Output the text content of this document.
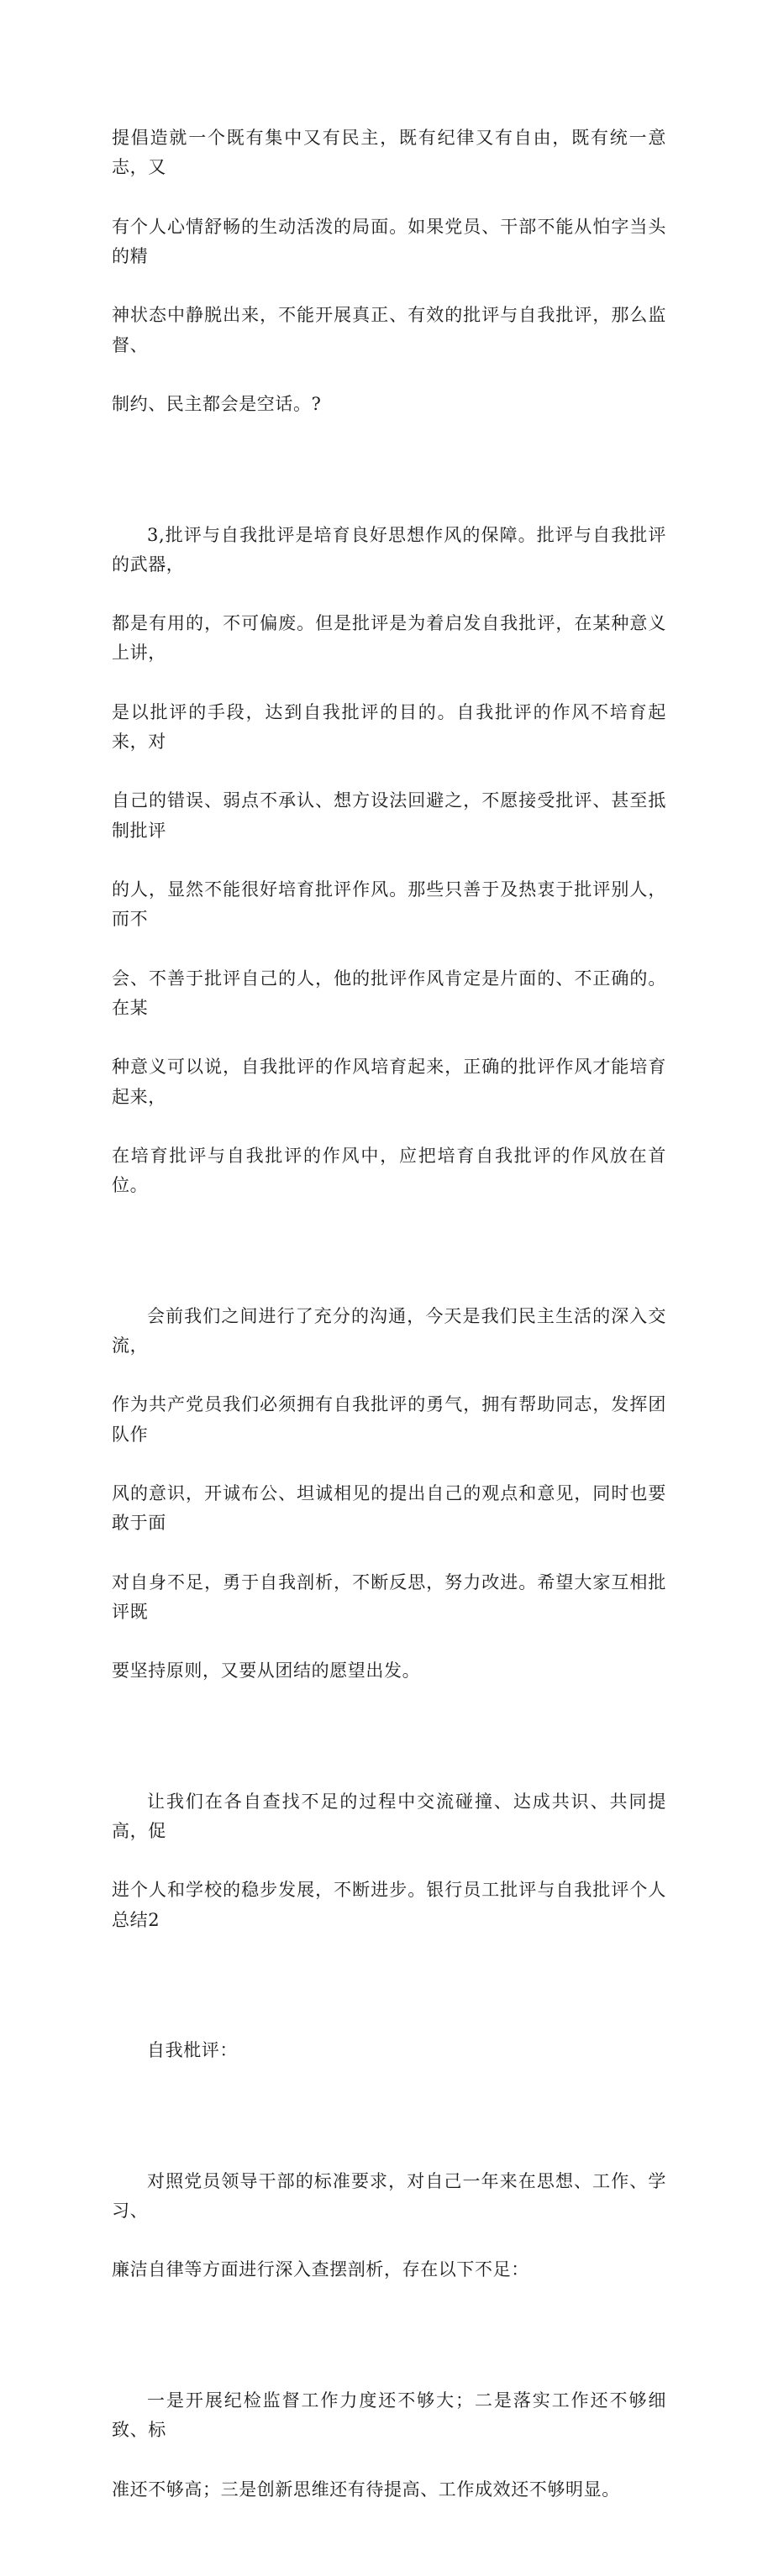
提倡造就一个既有集中又有民主，既有纪律又有自由，既有统一意志，又

有个人心情舒畅的生动活泼的局面。如果党员、干部不能从怕字当头的精

神状态中静脱出来，不能开展真正、有效的批评与自我批评，那么监督、

制约、民主都会是空话。?

3,批评与自我批评是培育良好思想作风的保障。批评与自我批评的武器，

都是有用的，不可偏废。但是批评是为着启发自我批评，在某种意义上讲，

是以批评的手段，达到自我批评的目的。自我批评的作风不培育起来，对

自己的错误、弱点不承认、想方设法回避之，不愿接受批评、甚至抵制批评

的人，显然不能很好培育批评作风。那些只善于及热衷于批评别人，而不

会、不善于批评自己的人，他的批评作风肯定是片面的、不正确的。在某

种意义可以说，自我批评的作风培育起来，正确的批评作风才能培育起来，

在培育批评与自我批评的作风中，应把培育自我批评的作风放在首位。

会前我们之间进行了充分的沟通，今天是我们民主生活的深入交流，

作为共产党员我们必须拥有自我批评的勇气，拥有帮助同志，发挥团队作

风的意识，开诚布公、坦诚相见的提出自己的观点和意见，同时也要敢于面

对自身不足，勇于自我剖析，不断反思，努力改进。希望大家互相批评既

要坚持原则，又要从团结的愿望出发。

让我们在各自查找不足的过程中交流碰撞、达成共识、共同提高，促

进个人和学校的稳步发展，不断进步。银行员工批评与自我批评个人总结2

自我枇评：

对照党员领导干部的标准要求，对自己一年来在思想、工作、学习、

廉洁自律等方面进行深入查摆剖析，存在以下不足：

一是开展纪检监督工作力度还不够大；二是落实工作还不够细致、标

准还不够高；三是创新思维还有待提高、工作成效还不够明显。
